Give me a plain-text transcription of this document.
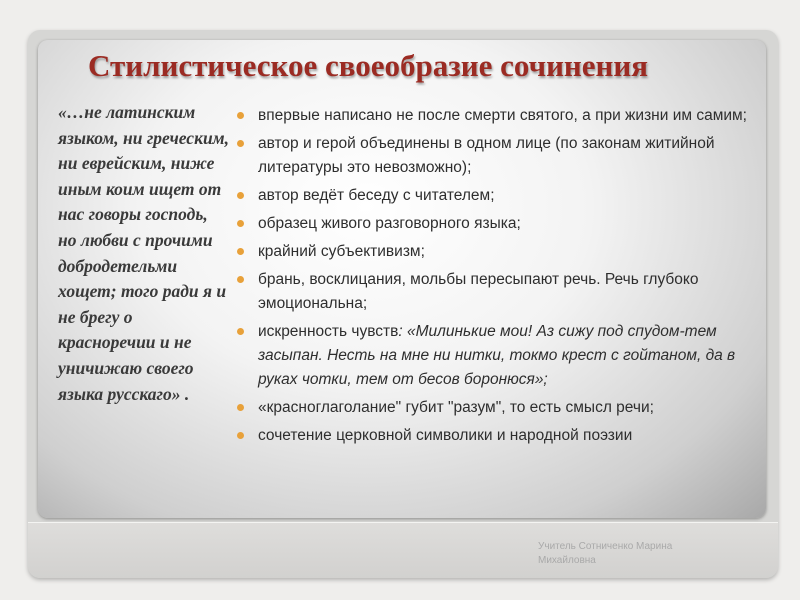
Стилистическое своеобразие сочинения

«…не латинским языком, ни греческим, ни еврейским, ниже иным коим ищет от нас говоры господь, но любви с прочими добродетельми хощет; того ради я и не брегу о красноречии и не уничижаю своего языка русскаго» .

впервые написано не после смерти святого, а при жизни им самим;
автор и герой объединены в одном лице (по законам житийной литературы это невозможно);
автор ведёт беседу с читателем;
образец живого разговорного языка;
крайний субъективизм;
брань, восклицания, мольбы пересыпают речь. Речь глубоко эмоциональна;
искренность чувств: «Милинькие мои! Аз сижу под спудом-тем засыпан. Несть на мне ни нитки, токмо крест с гойтаном, да в руках чотки, тем от бесов боронюся»;
«красноглаголание" губит "разум", то есть смысл речи;
сочетение церковной символики и народной поэзии
Учитель Сотниченко Марина Михайловна
